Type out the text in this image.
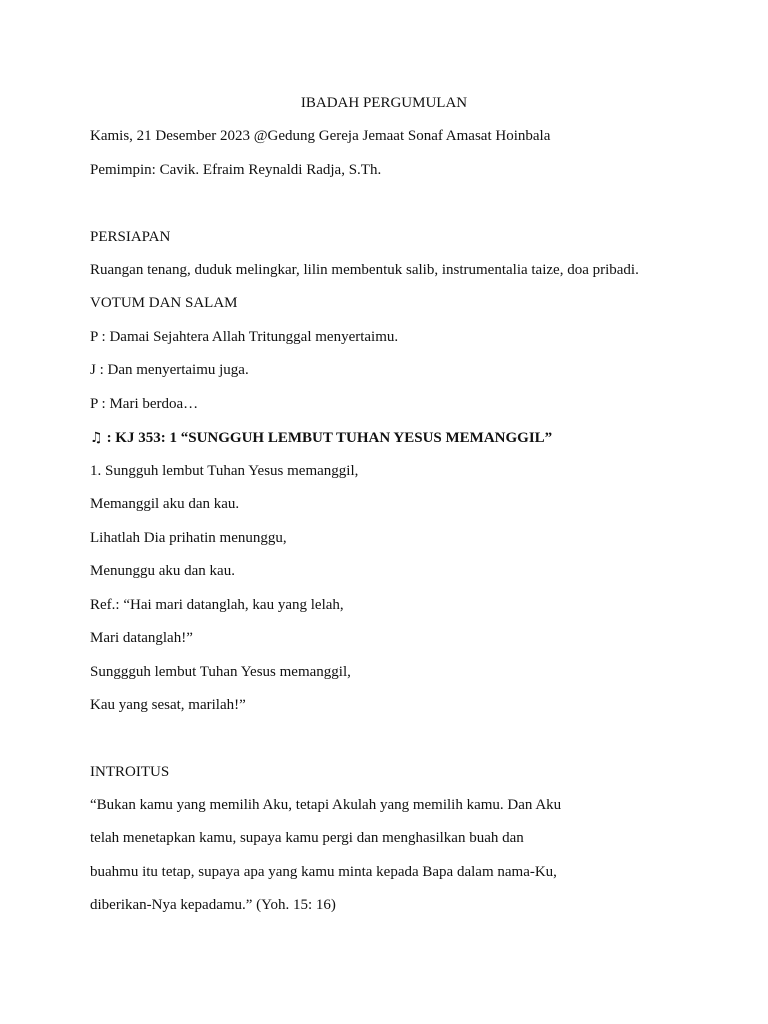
IBADAH PERGUMULAN
Kamis, 21 Desember 2023 @Gedung Gereja Jemaat Sonaf Amasat Hoinbala
Pemimpin: Cavik. Efraim Reynaldi Radja, S.Th.
PERSIAPAN
Ruangan tenang, duduk melingkar, lilin membentuk salib, instrumentalia taize, doa pribadi.
VOTUM DAN SALAM
P : Damai Sejahtera Allah Tritunggal menyertaimu.
J : Dan menyertaimu juga.
P : Mari berdoa…
♫ : KJ 353: 1 “SUNGGUH LEMBUT TUHAN YESUS MEMANGGIL”
1. Sungguh lembut Tuhan Yesus memanggil,
Memanggil aku dan kau.
Lihatlah Dia prihatin menunggu,
Menunggu aku dan kau.
Ref.: “Hai mari datanglah, kau yang lelah,
Mari datanglah!”
Sunggguh lembut Tuhan Yesus memanggil,
Kau yang sesat, marilah!”
INTROITUS
“Bukan kamu yang memilih Aku, tetapi Akulah yang memilih kamu. Dan Aku
telah menetapkan kamu, supaya kamu pergi dan menghasilkan buah dan
buahmu itu tetap, supaya apa yang kamu minta kepada Bapa dalam nama-Ku,
diberikan-Nya kepadamu.” (Yoh. 15: 16)
